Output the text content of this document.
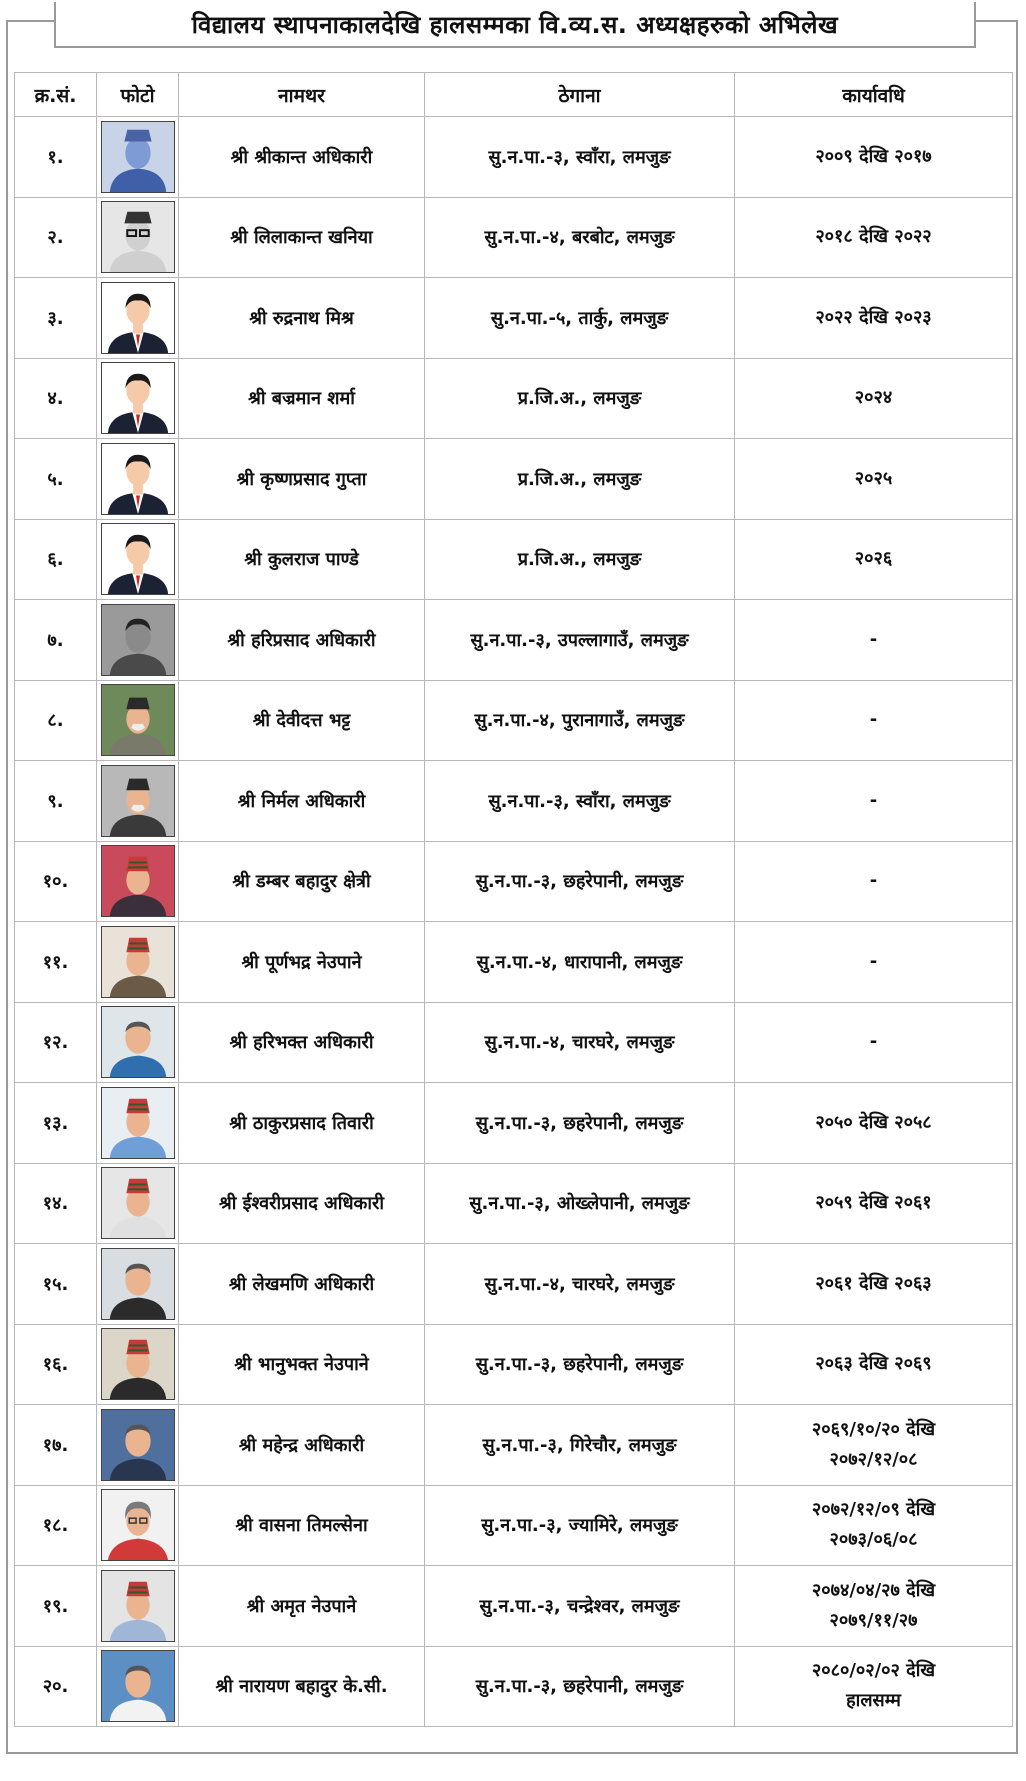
विद्यालय स्थापनाकालदेखि हालसम्मका वि.व्य.स. अध्यक्षहरुको अभिलेख
क्र.सं.	फोटो	नामथर	ठेगाना	कार्यावधि
१.		श्री श्रीकान्त अधिकारी	सु.न.पा.-३, स्वाँरा, लमजुङ	२००९ देखि २०१७

२.		श्री लिलाकान्त खनिया	सु.न.पा.-४, बरबोट, लमजुङ	२०१८ देखि २०२२

३.		श्री रुद्रनाथ मिश्र	सु.न.पा.-५, तार्कु, लमजुङ	२०२२ देखि २०२३

४.		श्री बज्रमान शर्मा	प्र.जि.अ., लमजुङ	२०२४

५.		श्री कृष्णप्रसाद गुप्ता	प्र.जि.अ., लमजुङ	२०२५

६.		श्री कुलराज पाण्डे	प्र.जि.अ., लमजुङ	२०२६

७.		श्री हरिप्रसाद अधिकारी	सु.न.पा.-३, उपल्लागाउँ, लमजुङ	-

८.		श्री देवीदत्त भट्ट	सु.न.पा.-४, पुरानागाउँ, लमजुङ	-

९.		श्री निर्मल अधिकारी	सु.न.पा.-३, स्वाँरा, लमजुङ	-

१०.		श्री डम्बर बहादुर क्षेत्री	सु.न.पा.-३, छहरेपानी, लमजुङ	-

११.		श्री पूर्णभद्र नेउपाने	सु.न.पा.-४, धारापानी, लमजुङ	-

१२.		श्री हरिभक्त अधिकारी	सु.न.पा.-४, चारघरे, लमजुङ	-

१३.		श्री ठाकुरप्रसाद तिवारी	सु.न.पा.-३, छहरेपानी, लमजुङ	२०५० देखि २०५८

१४.		श्री ईश्वरीप्रसाद अधिकारी	सु.न.पा.-३, ओख्लेपानी, लमजुङ	२०५९ देखि २०६१

१५.		श्री लेखमणि अधिकारी	सु.न.पा.-४, चारघरे, लमजुङ	२०६१ देखि २०६३

१६.		श्री भानुभक्त नेउपाने	सु.न.पा.-३, छहरेपानी, लमजुङ	२०६३ देखि २०६९

१७.		श्री महेन्द्र अधिकारी	सु.न.पा.-३, गिरेचौर, लमजुङ	२०६९/१०/२० देखि
२०७२/१२/०८

१८.		श्री वासना तिमल्सेना	सु.न.पा.-३, ज्यामिरे, लमजुङ	२०७२/१२/०९ देखि
२०७३/०६/०८

१९.		श्री अमृत नेउपाने	सु.न.पा.-३, चन्द्रेश्वर, लमजुङ	२०७४/०४/२७ देखि
२०७९/११/२७

२०.		श्री नारायण बहादुर के.सी.	सु.न.पा.-३, छहरेपानी, लमजुङ	२०८०/०२/०२ देखि
हालसम्म
